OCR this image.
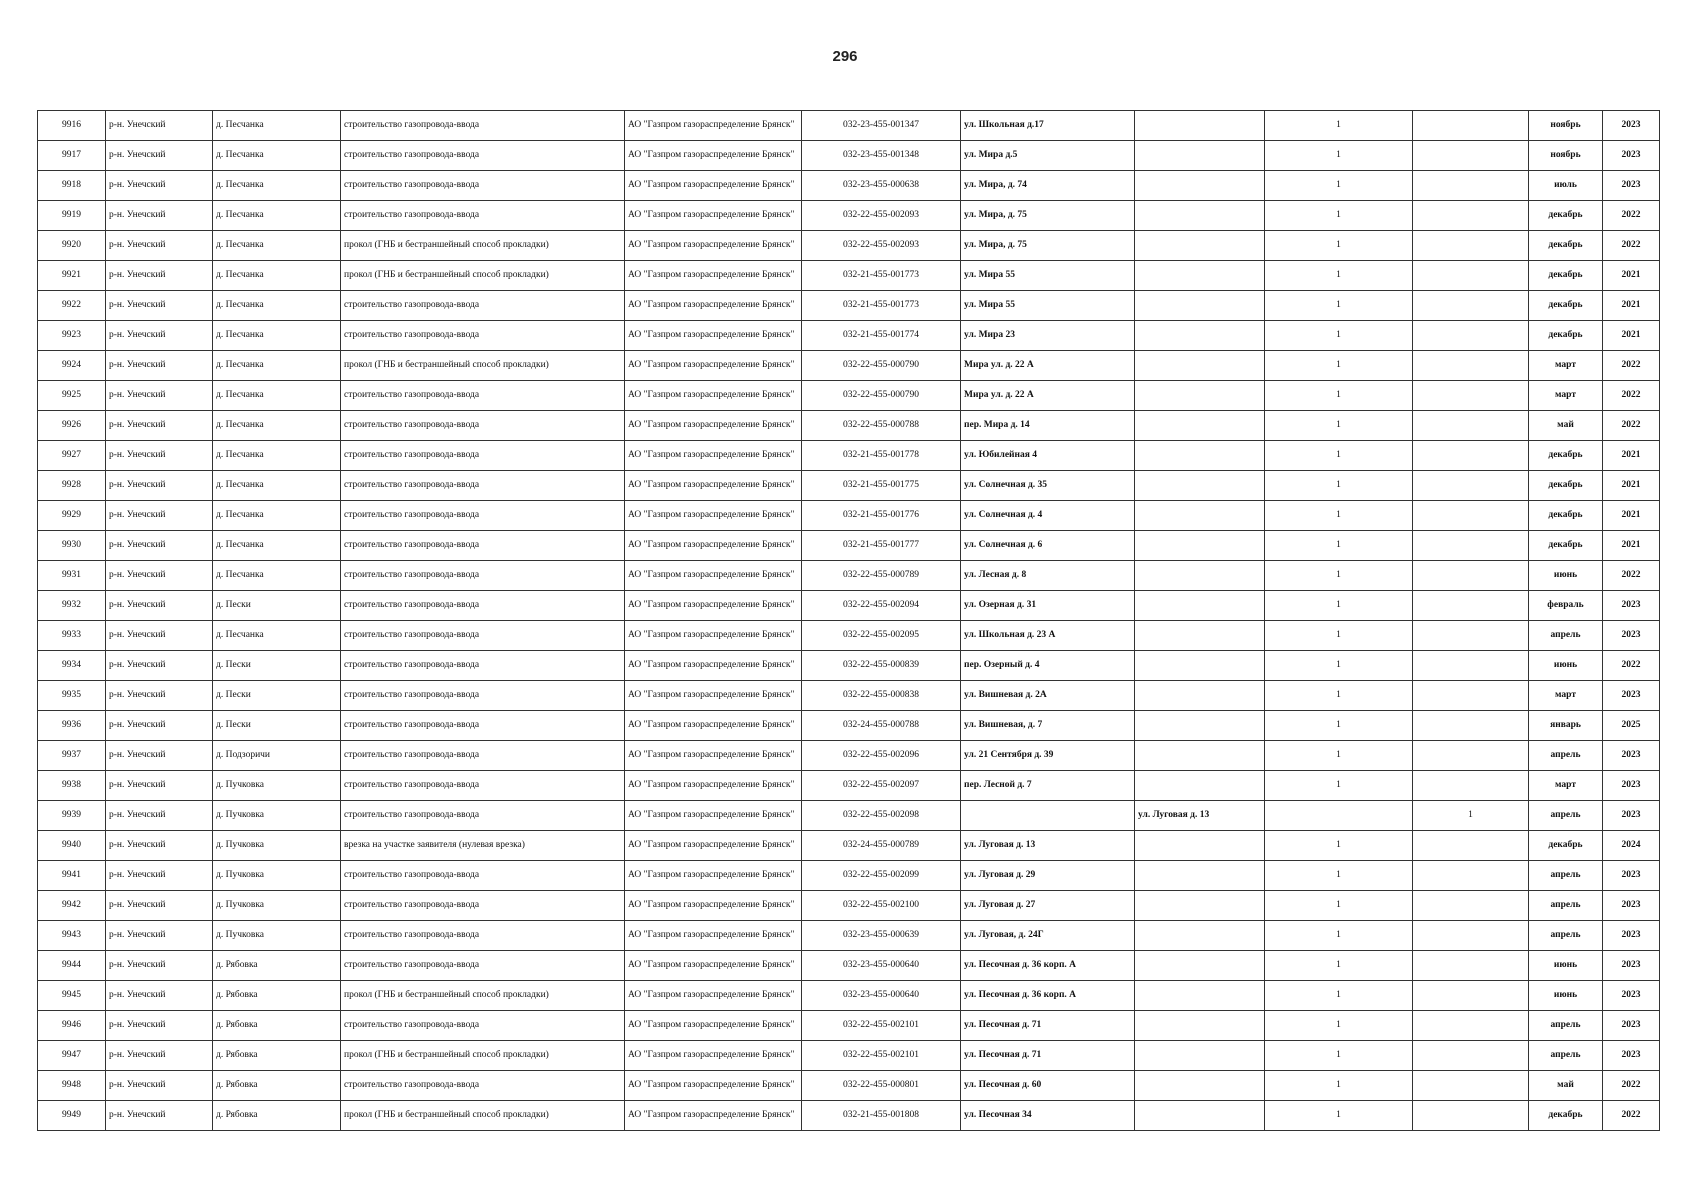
296
9916	р-н. Унечский	д. Песчанка	строительство газопровода-ввода	АО "Газпром газораспределение Брянск"	032-23-455-001347	ул. Школьная д.17		1		ноябрь	2023
9917	р-н. Унечский	д. Песчанка	строительство газопровода-ввода	АО "Газпром газораспределение Брянск"	032-23-455-001348	ул. Мира д.5		1		ноябрь	2023
9918	р-н. Унечский	д. Песчанка	строительство газопровода-ввода	АО "Газпром газораспределение Брянск"	032-23-455-000638	ул. Мира, д. 74		1		июль	2023
9919	р-н. Унечский	д. Песчанка	строительство газопровода-ввода	АО "Газпром газораспределение Брянск"	032-22-455-002093	ул. Мира, д. 75		1		декабрь	2022
9920	р-н. Унечский	д. Песчанка	прокол (ГНБ и бестраншейный способ прокладки)	АО "Газпром газораспределение Брянск"	032-22-455-002093	ул. Мира, д. 75		1		декабрь	2022
9921	р-н. Унечский	д. Песчанка	прокол (ГНБ и бестраншейный способ прокладки)	АО "Газпром газораспределение Брянск"	032-21-455-001773	ул. Мира 55		1		декабрь	2021
9922	р-н. Унечский	д. Песчанка	строительство газопровода-ввода	АО "Газпром газораспределение Брянск"	032-21-455-001773	ул. Мира 55		1		декабрь	2021
9923	р-н. Унечский	д. Песчанка	строительство газопровода-ввода	АО "Газпром газораспределение Брянск"	032-21-455-001774	ул. Мира 23		1		декабрь	2021
9924	р-н. Унечский	д. Песчанка	прокол (ГНБ и бестраншейный способ прокладки)	АО "Газпром газораспределение Брянск"	032-22-455-000790	Мира ул. д. 22 А		1		март	2022
9925	р-н. Унечский	д. Песчанка	строительство газопровода-ввода	АО "Газпром газораспределение Брянск"	032-22-455-000790	Мира ул. д. 22 А		1		март	2022
9926	р-н. Унечский	д. Песчанка	строительство газопровода-ввода	АО "Газпром газораспределение Брянск"	032-22-455-000788	пер. Мира д. 14		1		май	2022
9927	р-н. Унечский	д. Песчанка	строительство газопровода-ввода	АО "Газпром газораспределение Брянск"	032-21-455-001778	ул. Юбилейная 4		1		декабрь	2021
9928	р-н. Унечский	д. Песчанка	строительство газопровода-ввода	АО "Газпром газораспределение Брянск"	032-21-455-001775	ул. Солнечная д. 35		1		декабрь	2021
9929	р-н. Унечский	д. Песчанка	строительство газопровода-ввода	АО "Газпром газораспределение Брянск"	032-21-455-001776	ул. Солнечная д. 4		1		декабрь	2021
9930	р-н. Унечский	д. Песчанка	строительство газопровода-ввода	АО "Газпром газораспределение Брянск"	032-21-455-001777	ул. Солнечная д. 6		1		декабрь	2021
9931	р-н. Унечский	д. Песчанка	строительство газопровода-ввода	АО "Газпром газораспределение Брянск"	032-22-455-000789	ул. Лесная д. 8		1		июнь	2022
9932	р-н. Унечский	д. Пески	строительство газопровода-ввода	АО "Газпром газораспределение Брянск"	032-22-455-002094	ул. Озерная д. 31		1		февраль	2023
9933	р-н. Унечский	д. Песчанка	строительство газопровода-ввода	АО "Газпром газораспределение Брянск"	032-22-455-002095	ул. Школьная д. 23 А		1		апрель	2023
9934	р-н. Унечский	д. Пески	строительство газопровода-ввода	АО "Газпром газораспределение Брянск"	032-22-455-000839	пер. Озерный д. 4		1		июнь	2022
9935	р-н. Унечский	д. Пески	строительство газопровода-ввода	АО "Газпром газораспределение Брянск"	032-22-455-000838	ул. Вишневая д. 2А		1		март	2023
9936	р-н. Унечский	д. Пески	строительство газопровода-ввода	АО "Газпром газораспределение Брянск"	032-24-455-000788	ул. Вишневая, д. 7		1		январь	2025
9937	р-н. Унечский	д. Подзоричи	строительство газопровода-ввода	АО "Газпром газораспределение Брянск"	032-22-455-002096	ул. 21 Сентября д. 39		1		апрель	2023
9938	р-н. Унечский	д. Пучковка	строительство газопровода-ввода	АО "Газпром газораспределение Брянск"	032-22-455-002097	пер. Лесной д. 7		1		март	2023
9939	р-н. Унечский	д. Пучковка	строительство газопровода-ввода	АО "Газпром газораспределение Брянск"	032-22-455-002098		ул. Луговая д. 13		1	апрель	2023
9940	р-н. Унечский	д. Пучковка	врезка на участке заявителя (нулевая врезка)	АО "Газпром газораспределение Брянск"	032-24-455-000789	ул. Луговая д. 13		1		декабрь	2024
9941	р-н. Унечский	д. Пучковка	строительство газопровода-ввода	АО "Газпром газораспределение Брянск"	032-22-455-002099	ул. Луговая д. 29		1		апрель	2023
9942	р-н. Унечский	д. Пучковка	строительство газопровода-ввода	АО "Газпром газораспределение Брянск"	032-22-455-002100	ул. Луговая д. 27		1		апрель	2023
9943	р-н. Унечский	д. Пучковка	строительство газопровода-ввода	АО "Газпром газораспределение Брянск"	032-23-455-000639	ул. Луговая, д. 24Г		1		апрель	2023
9944	р-н. Унечский	д. Рябовка	строительство газопровода-ввода	АО "Газпром газораспределение Брянск"	032-23-455-000640	ул. Песочная д. 36 корп. А		1		июнь	2023
9945	р-н. Унечский	д. Рябовка	прокол (ГНБ и бестраншейный способ прокладки)	АО "Газпром газораспределение Брянск"	032-23-455-000640	ул. Песочная д. 36 корп. А		1		июнь	2023
9946	р-н. Унечский	д. Рябовка	строительство газопровода-ввода	АО "Газпром газораспределение Брянск"	032-22-455-002101	ул. Песочная д. 71		1		апрель	2023
9947	р-н. Унечский	д. Рябовка	прокол (ГНБ и бестраншейный способ прокладки)	АО "Газпром газораспределение Брянск"	032-22-455-002101	ул. Песочная д. 71		1		апрель	2023
9948	р-н. Унечский	д. Рябовка	строительство газопровода-ввода	АО "Газпром газораспределение Брянск"	032-22-455-000801	ул. Песочная д. 60		1		май	2022
9949	р-н. Унечский	д. Рябовка	прокол (ГНБ и бестраншейный способ прокладки)	АО "Газпром газораспределение Брянск"	032-21-455-001808	ул. Песочная 34		1		декабрь	2022
